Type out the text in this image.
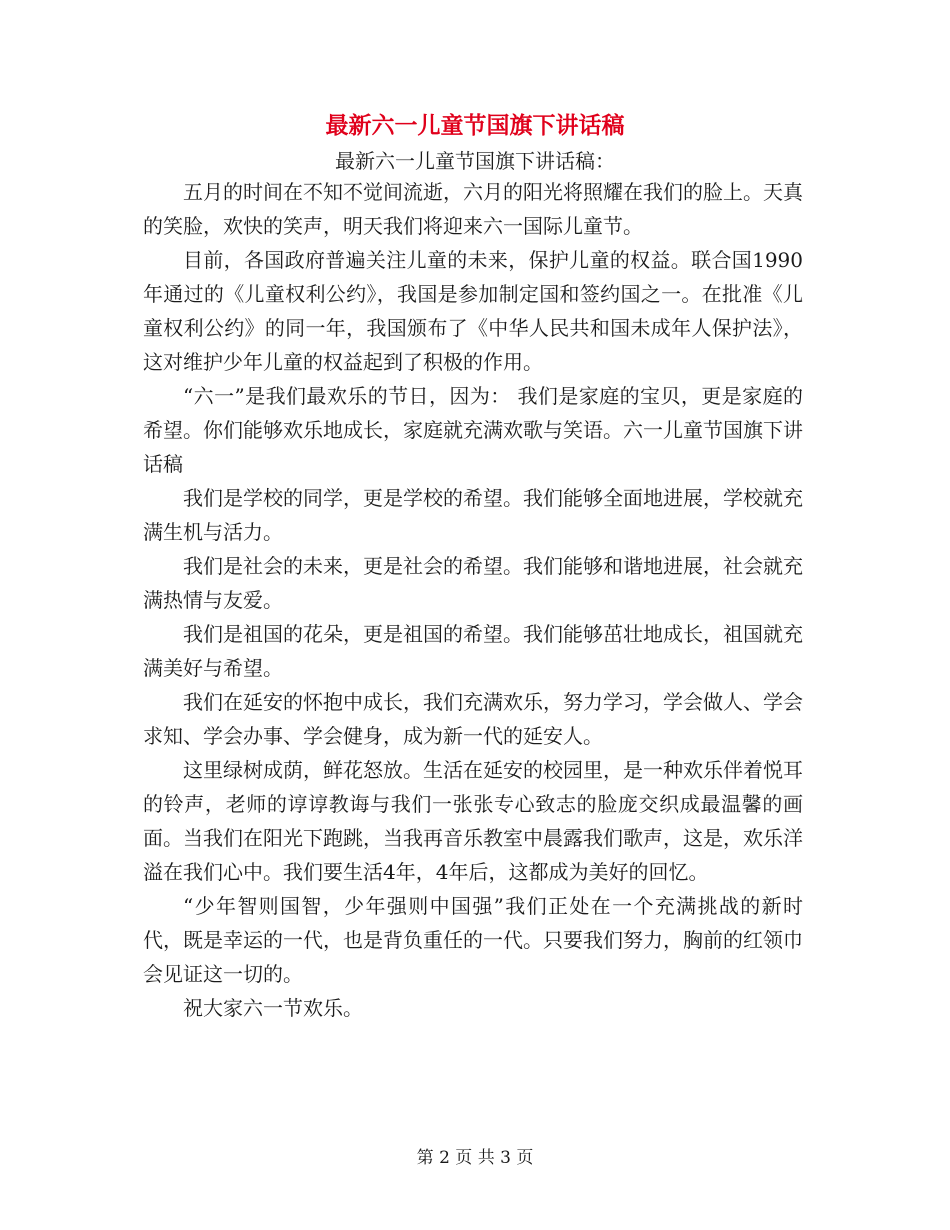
最新六一儿童节国旗下讲话稿
最新六一儿童节国旗下讲话稿：

五月的时间在不知不觉间流逝，六月的阳光将照耀在我们的脸上。天真的笑脸，欢快的笑声，明天我们将迎来六一国际儿童节。

目前，各国政府普遍关注儿童的未来，保护儿童的权益。联合国1990年通过的《儿童权利公约》，我国是参加制定国和签约国之一。在批准《儿童权利公约》的同一年，我国颁布了《中华人民共和国未成年人保护法》，这对维护少年儿童的权益起到了积极的作用。

“六一”是我们最欢乐的节日，因为： 我们是家庭的宝贝，更是家庭的希望。你们能够欢乐地成长，家庭就充满欢歌与笑语。六一儿童节国旗下讲话稿

我们是学校的同学，更是学校的希望。我们能够全面地进展，学校就充满生机与活力。

我们是社会的未来，更是社会的希望。我们能够和谐地进展，社会就充满热情与友爱。

我们是祖国的花朵，更是祖国的希望。我们能够茁壮地成长，祖国就充满美好与希望。

我们在延安的怀抱中成长，我们充满欢乐，努力学习，学会做人、学会求知、学会办事、学会健身，成为新一代的延安人。

这里绿树成荫，鲜花怒放。生活在延安的校园里，是一种欢乐伴着悦耳的铃声，老师的谆谆教诲与我们一张张专心致志的脸庞交织成最温馨的画面。当我们在阳光下跑跳，当我再音乐教室中晨露我们歌声，这是，欢乐洋溢在我们心中。我们要生活4年，4年后，这都成为美好的回忆。

“少年智则国智，少年强则中国强”我们正处在一个充满挑战的新时代，既是幸运的一代，也是背负重任的一代。只要我们努力，胸前的红领巾会见证这一切的。

祝大家六一节欢乐。

第 2 页 共 3 页
